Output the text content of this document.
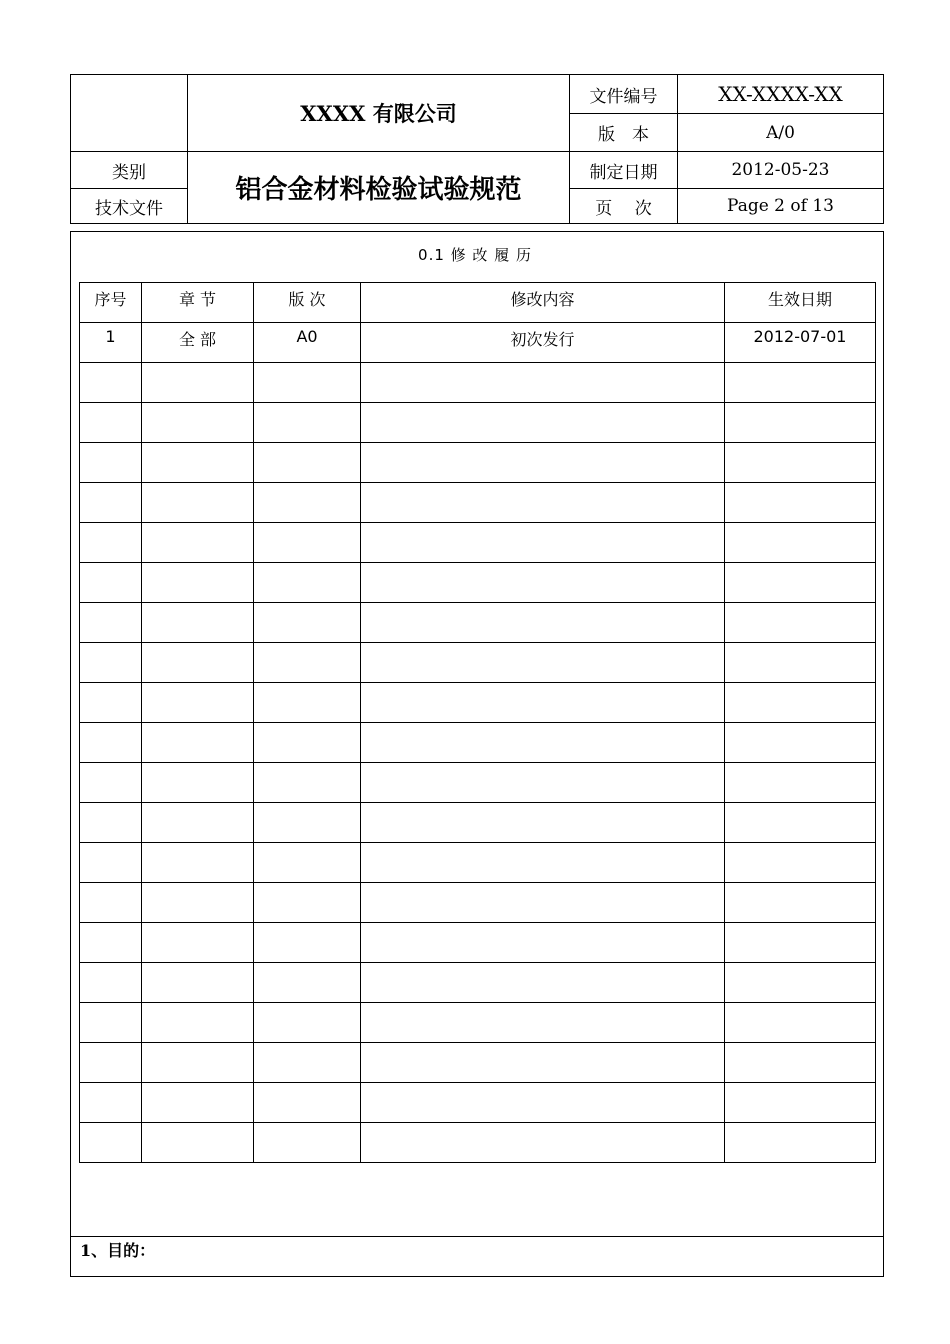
XXXX 有限公司
铝合金材料检验试验规范
类别
技术文件
文件编号	XX-XXXX-XX
版　本	A/0
制定日期	2012-05-23
页　 次	Page 2 of 13
0.1 修 改 履 历
序号	章 节	版 次	修改内容	生效日期
1	全 部	A0	初次发行	2012-07-01

1、目的：
